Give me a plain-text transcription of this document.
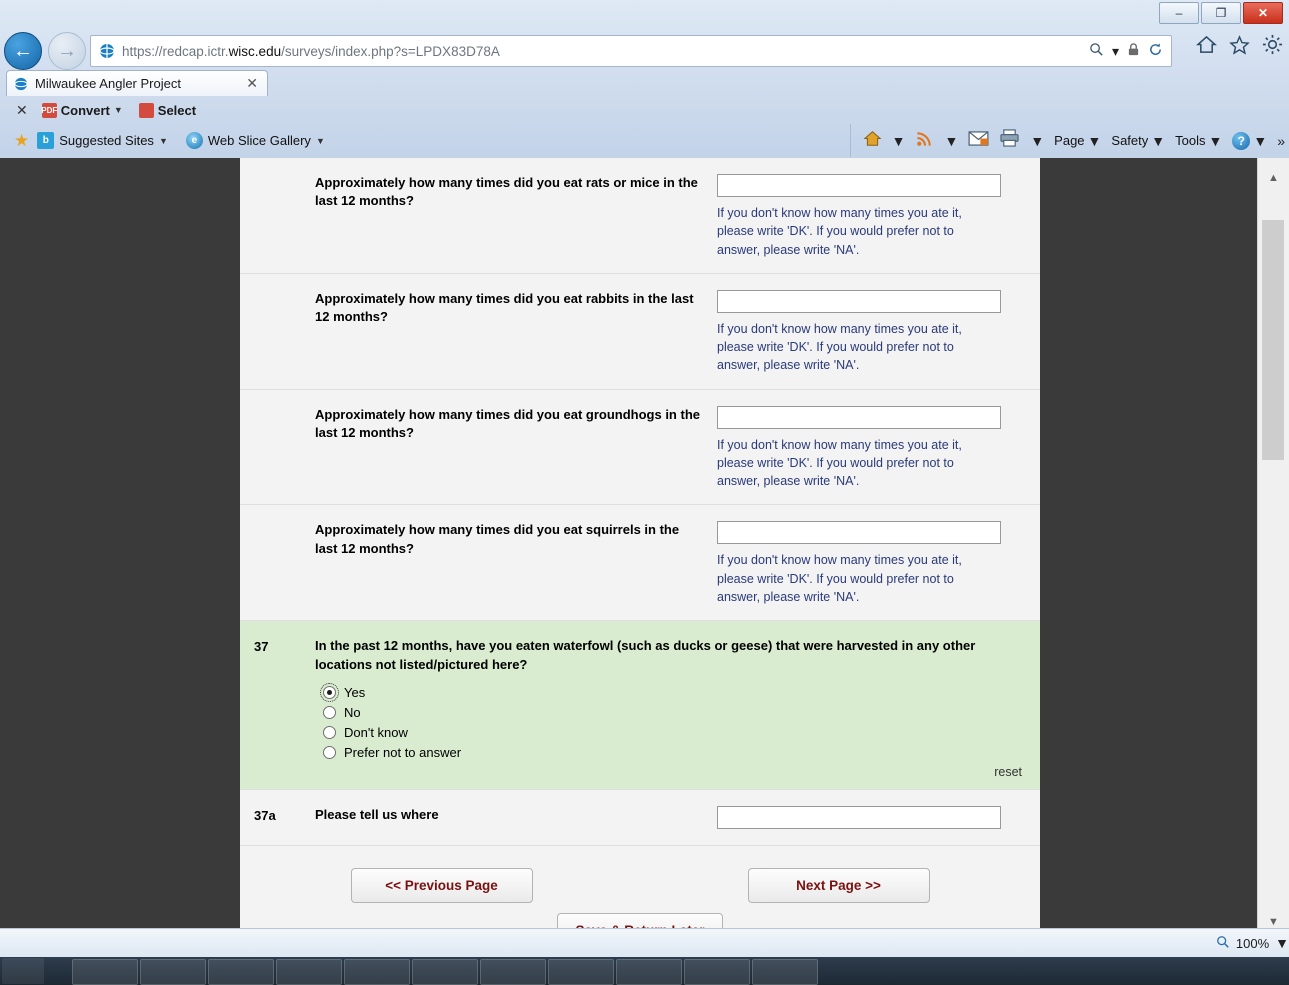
–	❐	✕
←	→	https://redcap.ictr.wisc.edu/surveys/index.php?s=LPDX83D78A	▾
Milwaukee Angler Project	✕
✕	PDF Convert ▼	Select
★	b Suggested Sites ▼	e Web Slice Gallery ▼	▼	▼	▼ Page ▼ Safety ▼ Tools ▼	? ▼ »
Approximately how many times did you eat rats or mice in the last 12 months?
If you don't know how many times you ate it, please write 'DK'. If you would prefer not to answer, please write 'NA'.
Approximately how many times did you eat rabbits in the last 12 months?
If you don't know how many times you ate it, please write 'DK'. If you would prefer not to answer, please write 'NA'.
Approximately how many times did you eat groundhogs in the last 12 months?
If you don't know how many times you ate it, please write 'DK'. If you would prefer not to answer, please write 'NA'.
Approximately how many times did you eat squirrels in the last 12 months?
If you don't know how many times you ate it, please write 'DK'. If you would prefer not to answer, please write 'NA'.
37	In the past 12 months, have you eaten waterfowl (such as ducks or geese) that were harvested in any other locations not listed/pictured here?
Yes
No
Don't know
Prefer not to answer
reset
37a	Please tell us where
<< Previous Page	Next Page >>
▲
▼
100% ▼
